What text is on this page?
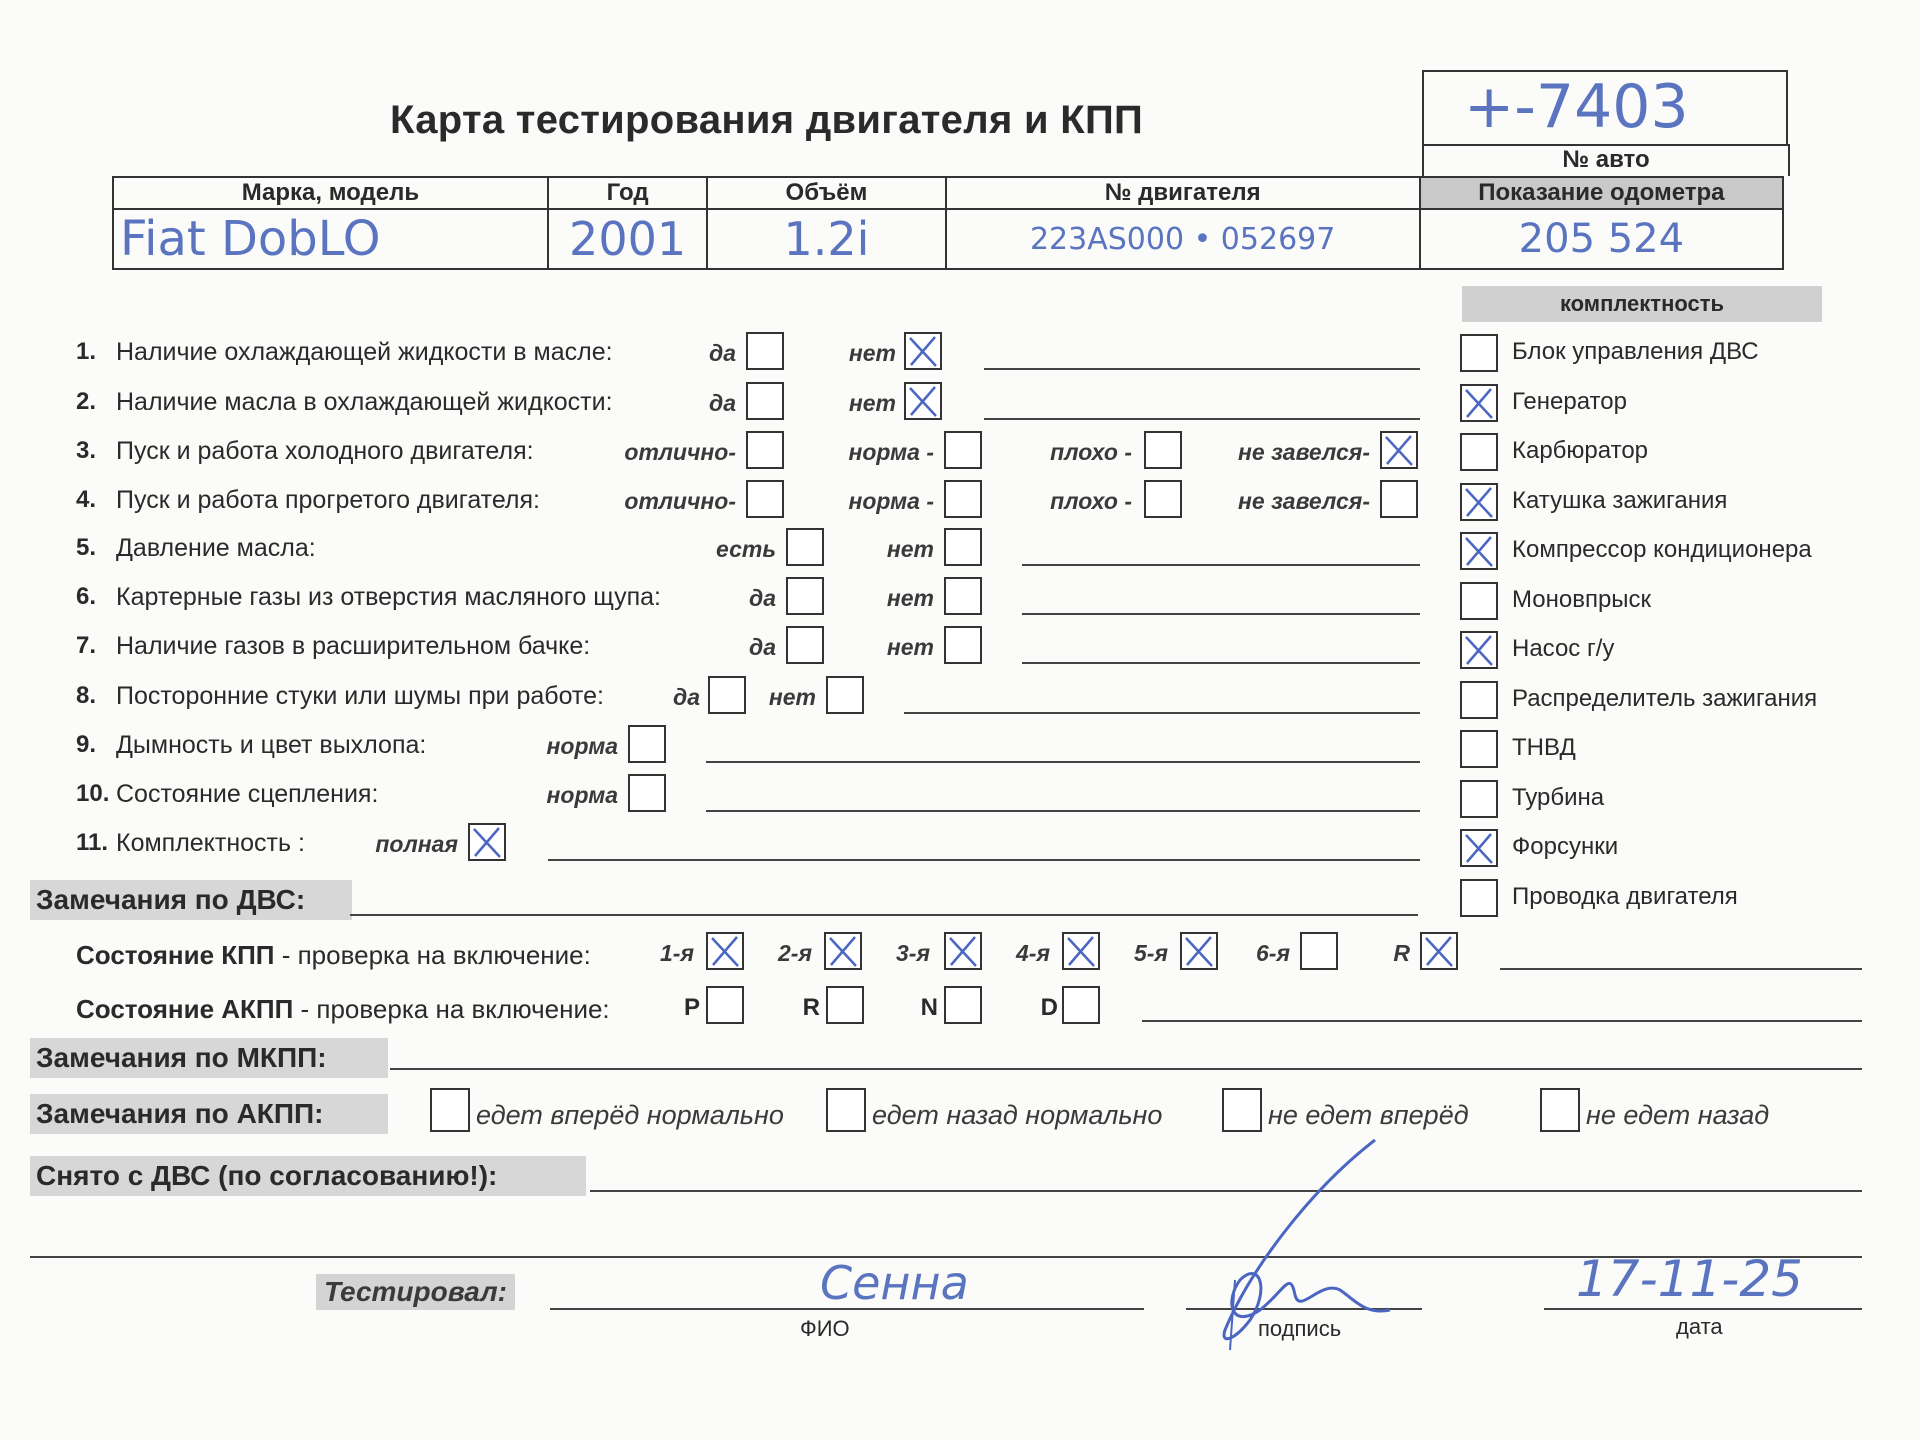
Карта тестирования двигателя и КПП	+-7403
№ авто
Марка, модель	Год	Объём	№ двигателя	Показание одометра
Fiat DobLO	2001	1.2i	223AS000 • 052697	205 524
комплектность
Замечания по ДВС:
Состояние КПП - проверка на включение:
Состояние АКПП - проверка на включение:
Замечания по МКПП:
Замечания по АКПП:
Снято с ДВС (по согласованию!):
Тестировал:
ФИО
Сенна
подпись	дата
17-11-25
Блок управления ДВС
Генератор
Карбюратор
Катушка зажигания
Компрессор кондиционера
Моновпрыск
Насос г/у
Распределитель зажигания
ТНВД
Турбина
Форсунки
Проводка двигателя
1. Наличие охлаждающей жидкости в масле:	да	нет
2. Наличие масла в охлаждающей жидкости:	да	нет
3. Пуск и работа холодного двигателя:	отлично-	норма -	плохо -	не завелся-
4. Пуск и работа прогретого двигателя:	отлично-	норма -	плохо -	не завелся-
5. Давление масла:	есть	нет
6. Картерные газы из отверстия масляного щупа:	да	нет
7. Наличие газов в расширительном бачке:	да	нет
8. Посторонние стуки или шумы при работе:	да	нет
9. Дымность и цвет выхлопа:	норма
10. Состояние сцепления:	норма
11. Комплектность :	полная
1-я	2-я	3-я	4-я	5-я	6-я	R
P	R	N	D
едет вперёд нормально	едет назад нормально	не едет вперёд	не едет назад
